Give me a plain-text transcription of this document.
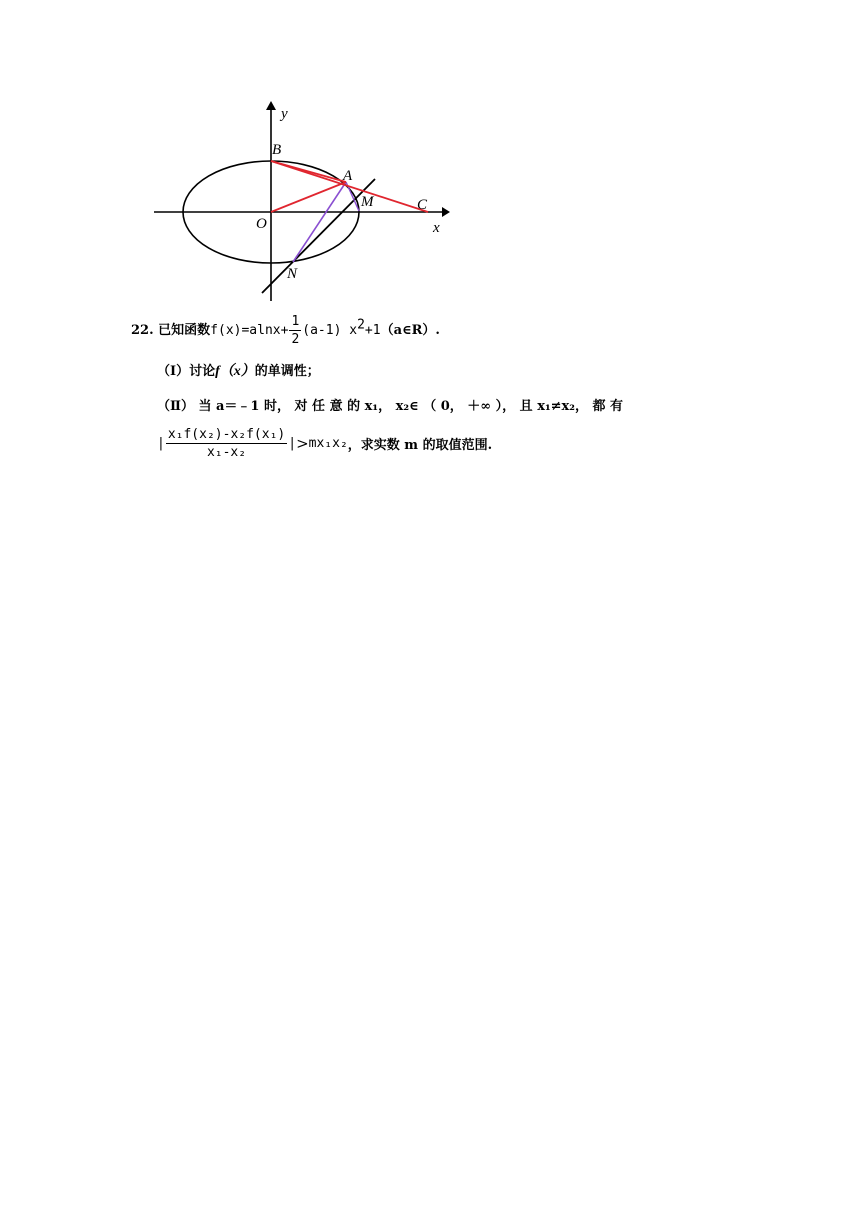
y
x
B
A
M	C
O
N
22. 已知函数$f(x)=alnx+ \frac{1}{2} (a-1)$ $x^2+1(a\in R)$.
（Ⅰ）讨论f（x）的单调性；
（Ⅱ） 当 a＝﹣1 时， 对 任 意 的 x₁， x₂∈ （ 0， ＋∞ ）， 且 x₁≠x₂， 都 有
| $\frac{\text{x₁f(x₂)-x₂f(x₁)}}{\text{x₁-x₂}} |>mx_1x_2$，求实数 m 的取值范围.
